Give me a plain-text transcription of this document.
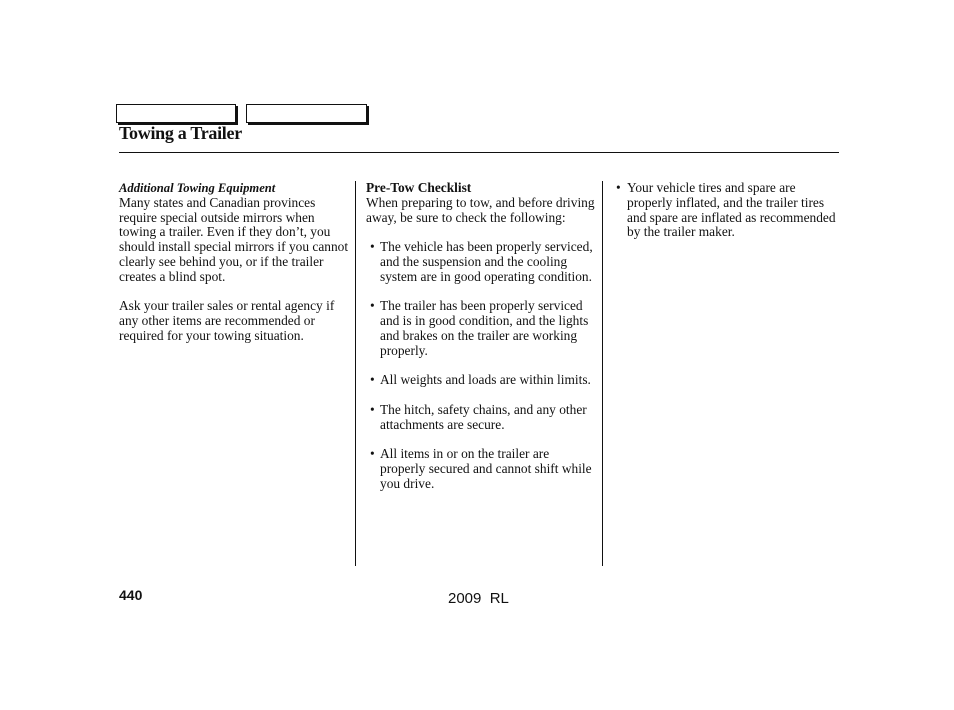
Towing a Trailer
Additional Towing Equipment

Many states and Canadian provinces require special outside mirrors when towing a trailer. Even if they don’t, you should install special mirrors if you cannot clearly see behind you, or if the trailer creates a blind spot.

Ask your trailer sales or rental agency if any other items are recommended or required for your towing situation.

Pre-Tow Checklist

When preparing to tow, and before driving away, be sure to check the following:

• The vehicle has been properly serviced, and the suspension and the cooling system are in good operating condition.
• The trailer has been properly serviced and is in good condition, and the lights and brakes on the trailer are working properly.
• All weights and loads are within limits.
• The hitch, safety chains, and any other attachments are secure.
• All items in or on the trailer are properly secured and cannot shift while you drive.
• Your vehicle tires and spare are properly inflated, and the trailer tires and spare are inflated as recommended by the trailer maker.
440	2009  RL
